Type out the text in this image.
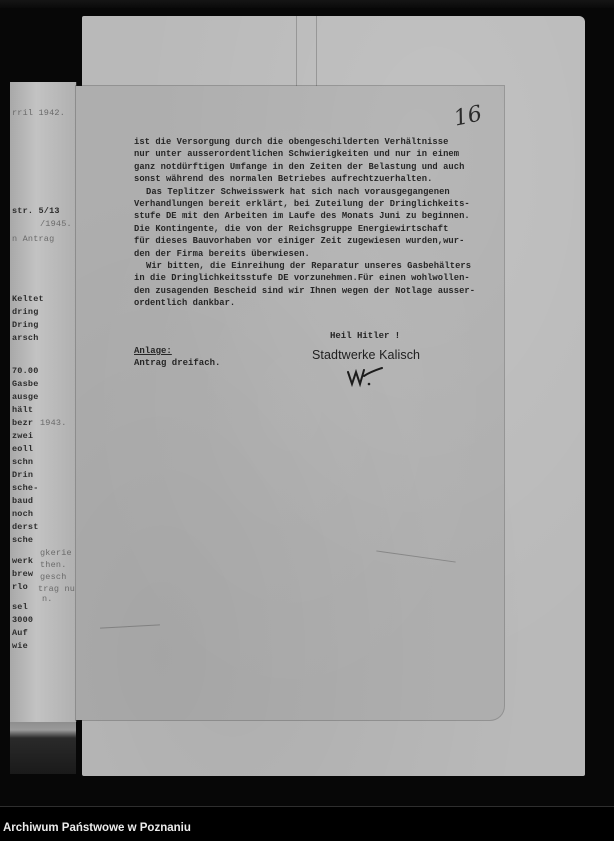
rril 1942.
str. 5/13
/1945.
n Antrag
Keltet
dring
Dring
arsch
70.00
Gasbe
ausge
hält
bezr 1943.
zwei
eoll
schn
Drin
sche-
baud
noch
derst
sche
gkerie
werk then.
brew gesch
trag nu
rlo
n.
sel
3000
Auf
wie
16
ist die Versorgung durch die obengeschilderten Verhältnisse
nur unter ausserordentlichen Schwierigkeiten und nur in einem
ganz notdürftigen Umfange in den Zeiten der Belastung und auch
sonst während des normalen Betriebes aufrechtzuerhalten.
Das Teplitzer Schweisswerk hat sich nach vorausgegangenen
Verhandlungen bereit erklärt, bei Zuteilung der Dringlichkeits-
stufe DE mit den Arbeiten im Laufe des Monats Juni zu beginnen.
Die Kontingente, die von der Reichsgruppe Energiewirtschaft
für dieses Bauvorhaben vor einiger Zeit zugewiesen wurden,wur-
den der Firma bereits überwiesen.
Wir bitten, die Einreihung der Reparatur unseres Gasbehälters
in die Dringlichkeitsstufe DE vorzunehmen.Für einen wohlwollen-
den zusagenden Bescheid sind wir Ihnen wegen der Notlage ausser-
ordentlich dankbar.
Heil Hitler !
Stadtwerke Kalisch
Anlage:
Antrag dreifach.
Archiwum Państwowe w Poznaniu
